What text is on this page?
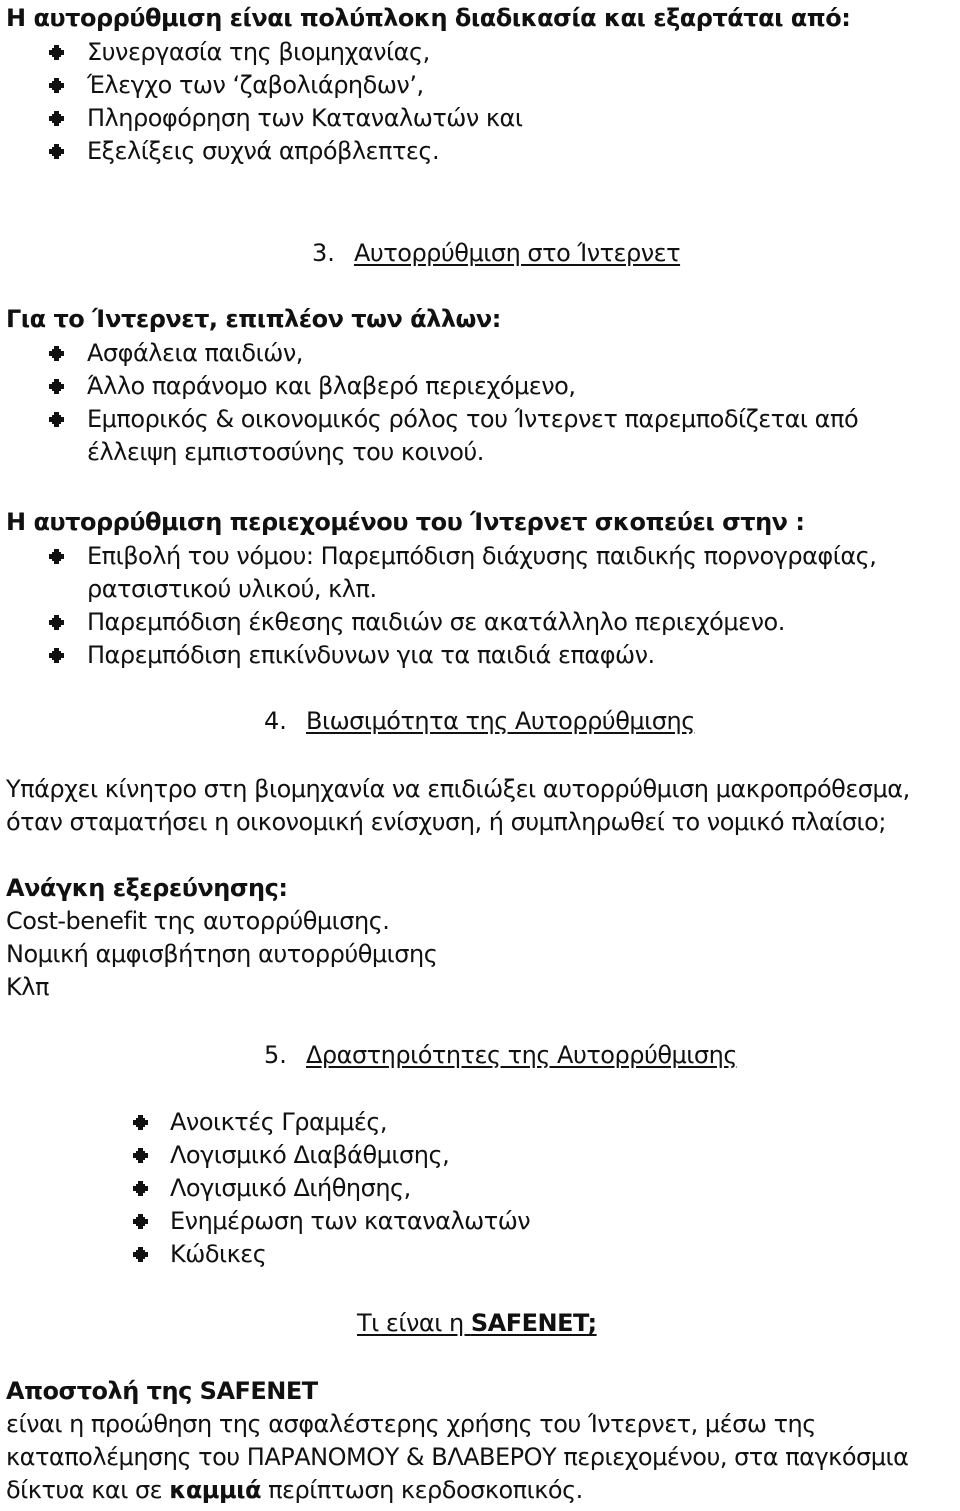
Η αυτορρύθμιση είναι πολύπλοκη διαδικασία και εξαρτάται από:
Συνεργασία της βιομηχανίας,
Έλεγχο των ‘ζαβολιάρηδων’,
Πληροφόρηση των Καταναλωτών και
Εξελίξεις συχνά απρόβλεπτες.
3. Αυτορρύθμιση στο Ίντερνετ
Για το Ίντερνετ, επιπλέον των άλλων:
Ασφάλεια παιδιών,
Άλλο παράνομο και βλαβερό περιεχόμενο,
Εμπορικός & οικονομικός ρόλος του Ίντερνετ παρεμποδίζεται από
έλλειψη εμπιστοσύνης του κοινού.
Η αυτορρύθμιση περιεχομένου του Ίντερνετ σκοπεύει στην :
Επιβολή του νόμου: Παρεμπόδιση διάχυσης παιδικής πορνογραφίας,
ρατσιστικού υλικού, κλπ.
Παρεμπόδιση έκθεσης παιδιών σε ακατάλληλο περιεχόμενο.
Παρεμπόδιση επικίνδυνων για τα παιδιά επαφών.
4. Βιωσιμότητα της Αυτορρύθμισης
Υπάρχει κίνητρο στη βιομηχανία να επιδιώξει αυτορρύθμιση μακροπρόθεσμα,
όταν σταματήσει η οικονομική ενίσχυση, ή συμπληρωθεί το νομικό πλαίσιο;
Ανάγκη εξερεύνησης:
Cost-benefit της αυτορρύθμισης.
Νομική αμφισβήτηση αυτορρύθμισης
Κλπ
5. Δραστηριότητες της Αυτορρύθμισης
Ανοικτές Γραμμές,
Λογισμικό Διαβάθμισης,
Λογισμικό Διήθησης,
Ενημέρωση των καταναλωτών
Κώδικες
Τι είναι η SAFENET;
Αποστολή της SAFENET
είναι η προώθηση της ασφαλέστερης χρήσης του Ίντερνετ, μέσω της
καταπολέμησης του ΠΑΡΑΝΟΜΟΥ & ΒΛΑΒΕΡΟΥ περιεχομένου, στα παγκόσμια
δίκτυα και σε καμμιά περίπτωση κερδοσκοπικός.
